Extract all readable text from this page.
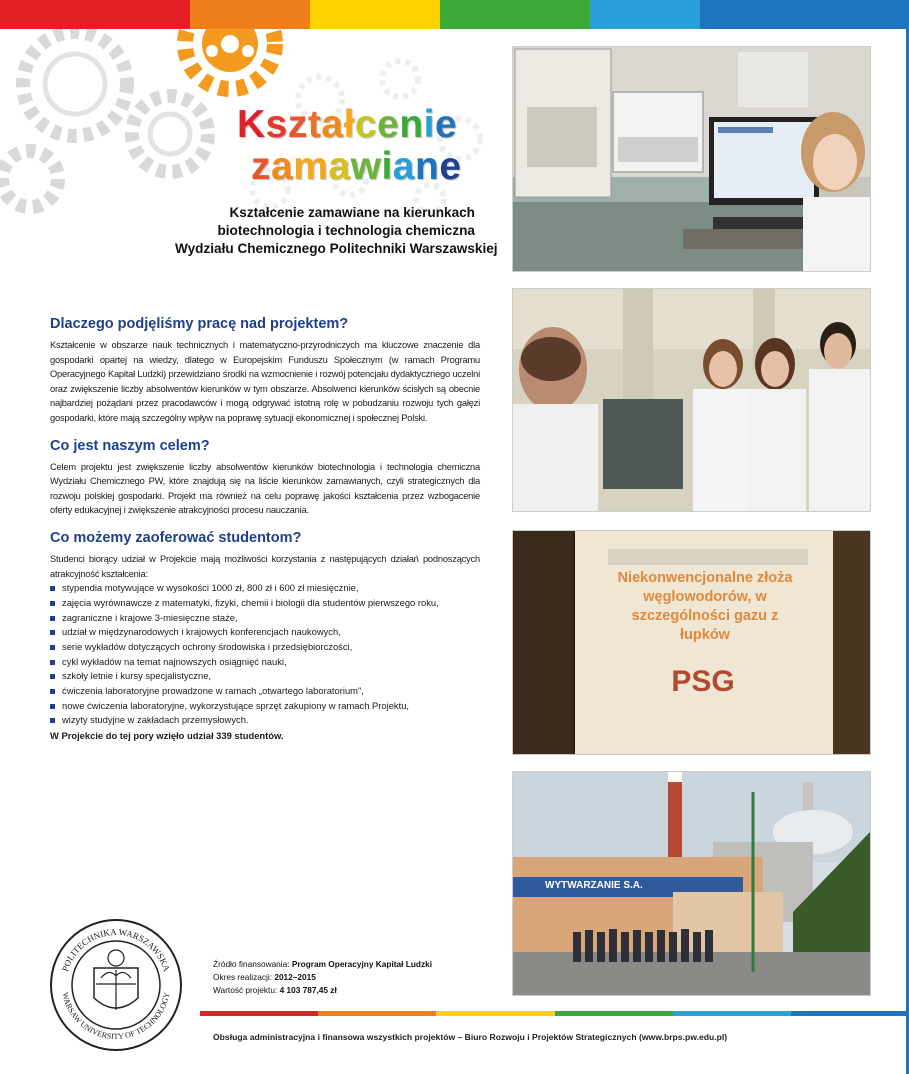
Kształcenie
zamawiane
Kształcenie zamawiane na kierunkach
biotechnologia i technologia chemiczna
Wydziału Chemicznego Politechniki Warszawskiej
Dlaczego podjęliśmy pracę nad projektem?

Kształcenie w obszarze nauk technicznych i matematyczno-przyrodniczych ma kluczowe znaczenie dla gospodarki opartej na wiedzy, dlatego w Europejskim Funduszu Społecznym (w ramach Programu Operacyjnego Kapitał Ludzki) przewidziano środki na wzmocnienie i rozwój potencjału dydaktycznego uczelni oraz zwiększenie liczby absolwentów kierunków w tym obszarze. Absolwenci kierunków ścisłych są obecnie najbardziej pożądani przez pracodawców i mogą odgrywać istotną rolę w pobudzaniu rozwoju tych gałęzi gospodarki, które mają szczególny wpływ na poprawę sytuacji ekonomicznej i społecznej Polski.

Co jest naszym celem?

Celem projektu jest zwiększenie liczby absolwentów kierunków biotechnologia i technologia chemiczna Wydziału Chemicznego PW, które znajdują się na liście kierunków zamawianych, czyli strategicznych dla rozwoju polskiej gospodarki. Projekt ma również na celu poprawę jakości kształcenia przez wzbogacenie oferty edukacyjnej i zwiększenie atrakcyjności procesu nauczania.

Co możemy zaoferować studentom?

Studenci biorący udział w Projekcie mają możliwości korzystania z następujących działań podnoszących atrakcyjność kształcenia:

stypendia motywujące w wysokości 1000 zł, 800 zł i 600 zł miesięcznie,
zajęcia wyrównawcze z matematyki, fizyki, chemii i biologii dla studentów pierwszego roku,
zagraniczne i krajowe 3-miesięczne staże,
udział w międzynarodowych i krajowych konferencjach naukowych,
serie wykładów dotyczących ochrony środowiska i przedsiębiorczości,
cykl wykładów na temat najnowszych osiągnięć nauki,
szkoły letnie i kursy specjalistyczne,
ćwiczenia laboratoryjne prowadzone w ramach „otwartego laboratorium",
nowe ćwiczenia laboratoryjne, wykorzystujące sprzęt zakupiony w ramach Projektu,
wizyty studyjne w zakładach przemysłowych.
W Projekcie do tej pory wzięło udział 339 studentów.
PSG
Niekonwencjonalne złoża
węglowodorów, w
szczególności gazu z
łupków
WYTWARZANIE S.A.
POLITECHNIKA WARSZAWSKA
WARSAW UNIVERSITY OF TECHNOLOGY
Źródło finansowania: Program Operacyjny Kapitał Ludzki
Okres realizacji: 2012–2015
Wartość projektu: 4 103 787,45 zł
Obsługa administracyjna i finansowa wszystkich projektów – Biuro Rozwoju i Projektów Strategicznych (www.brps.pw.edu.pl)
